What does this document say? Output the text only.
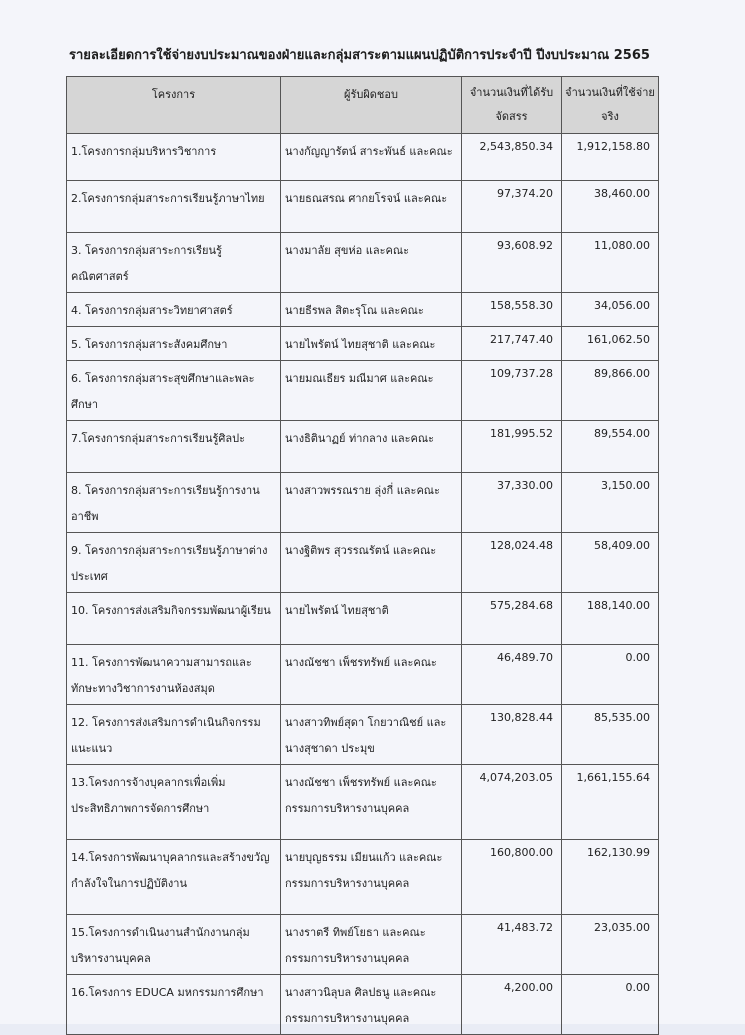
รายละเอียดการใช้จ่ายงบประมาณของฝ่ายและกลุ่มสาระตามแผนปฏิบัติการประจำปี ปีงบประมาณ 2565
โครงการ	ผู้รับผิดชอบ	จำนวนเงินที่ได้รับจัดสรร	จำนวนเงินที่ใช้จ่ายจริง
1.โครงการกลุ่มบริหารวิชาการ	นางกัญญารัตน์ สาระพันธ์ และคณะ	2,543,850.34	1,912,158.80
2.โครงการกลุ่มสาระการเรียนรู้ภาษาไทย	นายธณสรณ ศากยโรจน์ และคณะ	97,374.20	38,460.00
3. โครงการกลุ่มสาระการเรียนรู้คณิตศาสตร์	นางมาลัย สุขห่อ และคณะ	93,608.92	11,080.00
4. โครงการกลุ่มสาระวิทยาศาสตร์	นายธีรพล สิตะรุโณ และคณะ	158,558.30	34,056.00
5. โครงการกลุ่มสาระสังคมศึกษา	นายไพรัตน์ ไทยสุชาติ และคณะ	217,747.40	161,062.50
6. โครงการกลุ่มสาระสุขศึกษาและพละศึกษา	นายมณเธียร มณีมาศ และคณะ	109,737.28	89,866.00
7.โครงการกลุ่มสาระการเรียนรู้ศิลปะ	นางธิตินาฏย์ ท่ากลาง และคณะ	181,995.52	89,554.00
8. โครงการกลุ่มสาระการเรียนรู้การงานอาชีพ	นางสาวพรรณราย ลุ่งกี่ และคณะ	37,330.00	3,150.00
9. โครงการกลุ่มสาระการเรียนรู้ภาษาต่างประเทศ	นางฐิติพร สุวรรณรัตน์ และคณะ	128,024.48	58,409.00
10. โครงการส่งเสริมกิจกรรมพัฒนาผู้เรียน	นายไพรัตน์ ไทยสุชาติ	575,284.68	188,140.00
11. โครงการพัฒนาความสามารถและทักษะทางวิชาการงานห้องสมุด	นางณัชชา เพ็ชรทรัพย์ และคณะ	46,489.70	0.00
12. โครงการส่งเสริมการดำเนินกิจกรรมแนะแนว	นางสาวทิพย์สุดา โกยวาณิชย์ และนางสุชาดา ประมุข	130,828.44	85,535.00
13.โครงการจ้างบุคลากรเพื่อเพิ่มประสิทธิภาพการจัดการศึกษา	นางณัชชา เพ็ชรทรัพย์ และคณะกรรมการบริหารงานบุคคล	4,074,203.05	1,661,155.64
14.โครงการพัฒนาบุคลากรและสร้างขวัญกำลังใจในการปฏิบัติงาน	นายบุญธรรม เมียนแก้ว และคณะกรรมการบริหารงานบุคคล	160,800.00	162,130.99
15.โครงการดำเนินงานสำนักงานกลุ่มบริหารงานบุคคล	นางราตรี ทิพย์โยธา และคณะกรรมการบริหารงานบุคคล	41,483.72	23,035.00
16.โครงการ EDUCA มหกรรมการศึกษา	นางสาวนิลุบล ศิลปธนู และคณะกรรมการบริหารงานบุคคล	4,200.00	0.00
